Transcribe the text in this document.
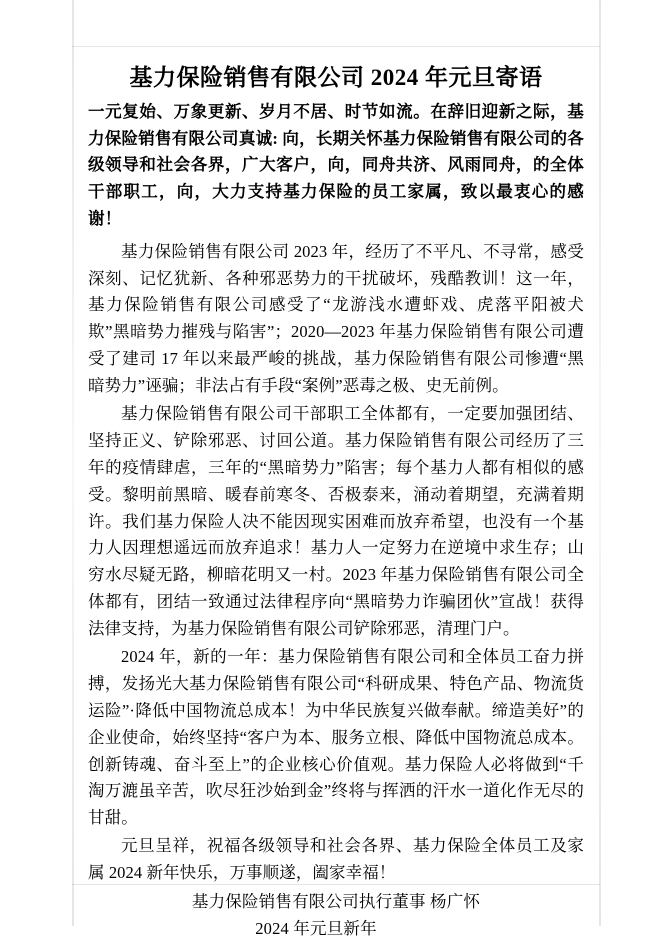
基力保险销售有限公司 2024 年元旦寄语

一元复始、万象更新、岁月不居、时节如流。在辞旧迎新之际，基力保险销售有限公司真诚: 向，长期关怀基力保险销售有限公司的各级领导和社会各界，广大客户，向，同舟共济、风雨同舟，的全体干部职工，向，大力支持基力保险的员工家属，致以最衷心的感谢！

基力保险销售有限公司 2023 年，经历了不平凡、不寻常，感受深刻、记忆犹新、各种邪恶势力的干扰破坏，残酷教训！这一年，基力保险销售有限公司感受了“龙游浅水遭虾戏、虎落平阳被犬欺”黑暗势力摧残与陷害”；2020—2023 年基力保险销售有限公司遭受了建司 17 年以来最严峻的挑战，基力保险销售有限公司惨遭“黑暗势力”诬骗；非法占有手段“案例”恶毒之极、史无前例。

基力保险销售有限公司干部职工全体都有，一定要加强团结、坚持正义、铲除邪恶、讨回公道。基力保险销售有限公司经历了三年的疫情肆虐，三年的“黑暗势力”陷害；每个基力人都有相似的感受。黎明前黑暗、暖春前寒冬、否极泰来，涌动着期望，充满着期许。我们基力保险人决不能因现实困难而放弃希望，也没有一个基力人因理想遥远而放弃追求！基力人一定努力在逆境中求生存；山穷水尽疑无路，柳暗花明又一村。2023 年基力保险销售有限公司全体都有，团结一致通过法律程序向“黑暗势力诈骗团伙”宣战！获得法律支持，为基力保险销售有限公司铲除邪恶，清理门户。

2024 年，新的一年：基力保险销售有限公司和全体员工奋力拼搏，发扬光大基力保险销售有限公司“科研成果、特色产品、物流货运险”·降低中国物流总成本！为中华民族复兴做奉献。缔造美好”的企业使命，始终坚持“客户为本、服务立根、降低中国物流总成本。创新铸魂、奋斗至上”的企业核心价值观。基力保险人必将做到“千淘万漉虽辛苦，吹尽狂沙始到金”终将与挥洒的汗水一道化作无尽的甘甜。

元旦呈祥，祝福各级领导和社会各界、基力保险全体员工及家属 2024 新年快乐，万事顺遂，阖家幸福！

基力保险销售有限公司执行董事 杨广怀

2024 年元旦新年
